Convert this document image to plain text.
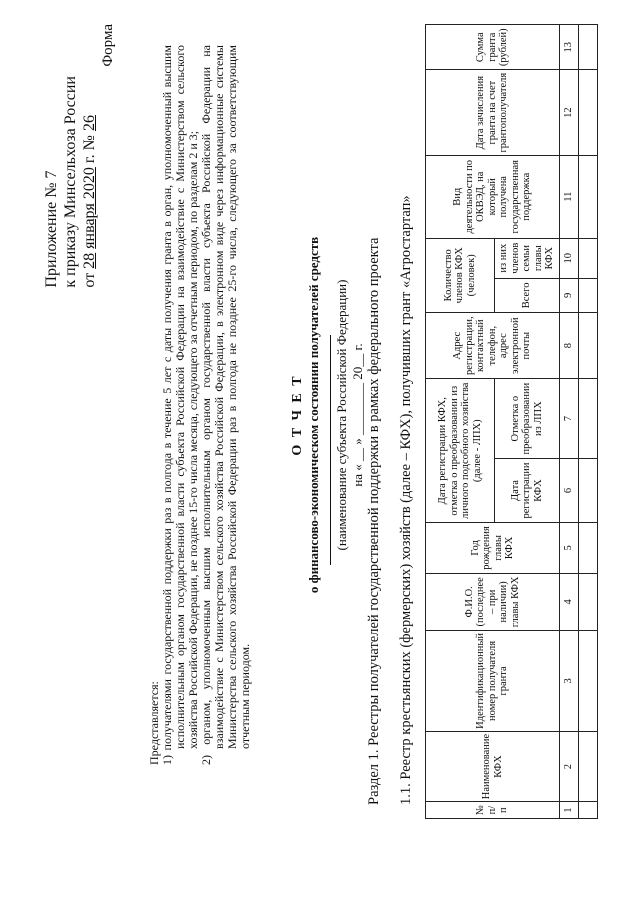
Приложение № 7 к приказу Минсельхоза России от 28 января 2020 г. № 26
Форма

Представляется: 1) получателями государственной поддержки раз в полгода в течение 5 лет с даты получения гранта в орган, уполномоченный высшим исполнительным органом государственной власти субъекта Российской Федерации на взаимодействие с Министерством сельского хозяйства Российской Федерации, не позднее 15-го числа месяца, следующего за отчетным периодом, по разделам 2 и 3; 2) органом, уполномоченным высшим исполнительным органом государственной власти субъекта Российской Федерации на взаимодействие с Министерством сельского хозяйства Российской Федерации, в электронном виде через информационные системы Министерства сельского хозяйства Российской Федерации раз в полгода не позднее 25-го числа, следующего за соответствующим отчетным периодом.

О Т Ч Е Т о финансово-экономическом состоянии получателей средств (наименование субъекта Российской Федерации) на « __ » ________ 20__ г. Раздел 1. Реестры получателей государственной поддержки в рамках федерального проекта 1.1. Реестр крестьянских (фермерских) хозяйств (далее – КФХ), получивших грант «Агростартап»
№ п/п	Наименование КФХ	Идентификационный номер получателя гранта	Ф.И.О. (последнее – при наличии) главы КФХ	Год рождения главы КФХ	Дата регистрации КФХ, отметка о преобразовании из личного подсобного хозяйства (далее - ЛПХ)		Адрес регистрации, контактный телефон, адрес электронной почты	Количество членов КФХ (человек)		Вид деятельности по ОКВЭД, на который получена государственная поддержка	Дата зачисления гранта на счет грантополучателя	Сумма гранта (рублей)
					Дата регистрации КФХ	Отметка о преобразовании из ЛПХ		Всего	из них членов семьи главы КФХ			
1	2	3	4	5	6	7	8	9	10	11	12	13
